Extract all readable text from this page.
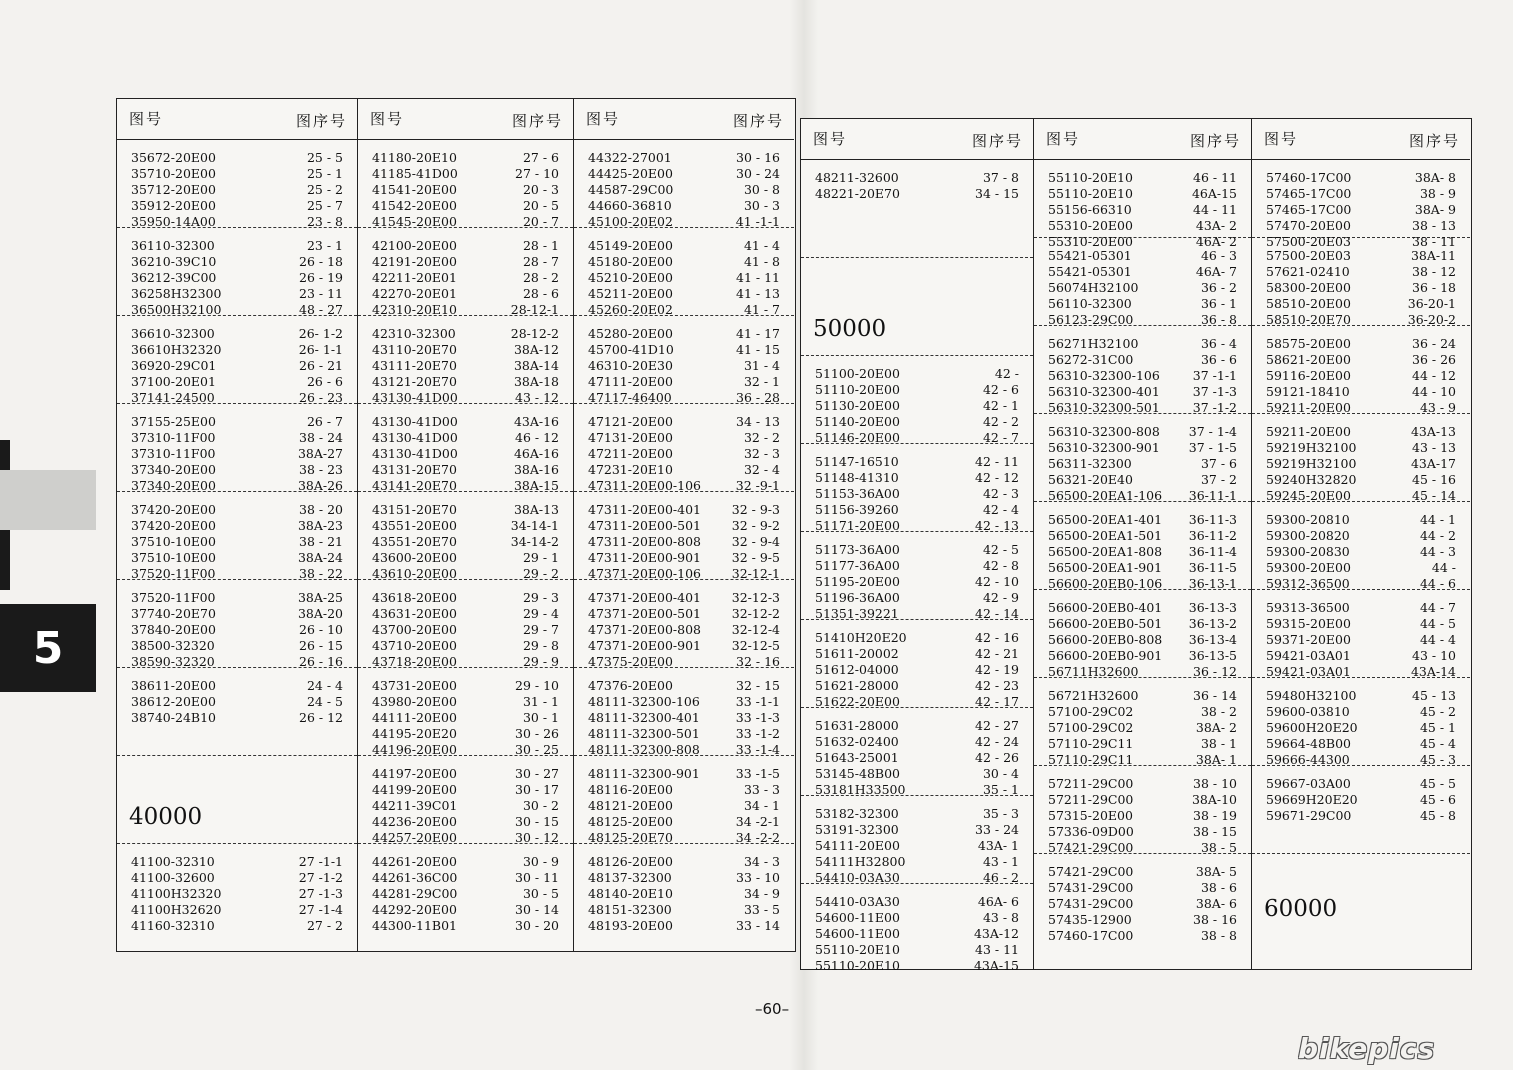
5
图号	图序号
35672-20E00	25 - 5
35710-20E00	25 - 1
35712-20E00	25 - 2
35912-20E00	25 - 7
35950-14A00	23 - 8
36110-32300	23 - 1
36210-39C10	26 - 18
36212-39C00	26 - 19
36258H32300	23 - 11
36500H32100	48 - 27
36610-32300	26- 1-2
36610H32320	26- 1-1
36920-29C01	26 - 21
37100-20E01	26 - 6
37141-24500	26 - 23
37155-25E00	26 - 7
37310-11F00	38 - 24
37310-11F00	38A-27
37340-20E00	38 - 23
37340-20E00	38A-26
37420-20E00	38 - 20
37420-20E00	38A-23
37510-10E00	38 - 21
37510-10E00	38A-24
37520-11F00	38 - 22
37520-11F00	38A-25
37740-20E70	38A-20
37840-20E00	26 - 10
38500-32320	26 - 15
38590-32320	26 - 16
38611-20E00	24 - 4
38612-20E00	24 - 5
38740-24B10	26 - 12
40000
41100-32310	27 -1-1
41100-32600	27 -1-2
41100H32320	27 -1-3
41100H32620	27 -1-4
41160-32310	27 - 2
图号	图序号
41180-20E10	27 - 6
41185-41D00	27 - 10
41541-20E00	20 - 3
41542-20E00	20 - 5
41545-20E00	20 - 7
42100-20E00	28 - 1
42191-20E00	28 - 7
42211-20E01	28 - 2
42270-20E01	28 - 6
42310-20E10	28-12-1
42310-32300	28-12-2
43110-20E70	38A-12
43111-20E70	38A-14
43121-20E70	38A-18
43130-41D00	43 - 12
43130-41D00	43A-16
43130-41D00	46 - 12
43130-41D00	46A-16
43131-20E70	38A-16
43141-20E70	38A-15
43151-20E70	38A-13
43551-20E00	34-14-1
43551-20E70	34-14-2
43600-20E00	29 - 1
43610-20E00	29 - 2
43618-20E00	29 - 3
43631-20E00	29 - 4
43700-20E00	29 - 7
43710-20E00	29 - 8
43718-20E00	29 - 9
43731-20E00	29 - 10
43980-20E00	31 - 1
44111-20E00	30 - 1
44195-20E20	30 - 26
44196-20E00	30 - 25
44197-20E00	30 - 27
44199-20E00	30 - 17
44211-39C01	30 - 2
44236-20E00	30 - 15
44257-20E00	30 - 12
44261-20E00	30 - 9
44261-36C00	30 - 11
44281-29C00	30 - 5
44292-20E00	30 - 14
44300-11B01	30 - 20
图号	图序号
44322-27001	30 - 16
44425-20E00	30 - 24
44587-29C00	30 - 8
44660-36810	30 - 3
45100-20E02	41 -1-1
45149-20E00	41 - 4
45180-20E00	41 - 8
45210-20E00	41 - 11
45211-20E00	41 - 13
45260-20E02	41 - 7
45280-20E00	41 - 17
45700-41D10	41 - 15
46310-20E30	31 - 4
47111-20E00	32 - 1
47117-46400	36 - 28
47121-20E00	34 - 13
47131-20E00	32 - 2
47211-20E00	32 - 3
47231-20E10	32 - 4
47311-20E00-106	32 -9-1
47311-20E00-401 32 - 9-3
47311-20E00-501 32 - 9-2
47311-20E00-808 32 - 9-4
47311-20E00-901 32 - 9-5
47371-20E00-106 32-12-1
47371-20E00-401 32-12-3
47371-20E00-501 32-12-2
47371-20E00-808 32-12-4
47371-20E00-901 32-12-5
47375-20E00	32 - 16
47376-20E00	32 - 15
48111-32300-106	33 -1-1
48111-32300-401	33 -1-3
48111-32300-501	33 -1-2
48111-32300-808	33 -1-4
48111-32300-901	33 -1-5
48116-20E00	33 - 3
48121-20E00	34 - 1
48125-20E00	34 -2-1
48125-20E70	34 -2-2
48126-20E00	34 - 3
48137-32300	33 - 10
48140-20E10	34 - 9
48151-32300	33 - 5
48193-20E00	33 - 14
图号	图序号
48211-32600	37 - 8
48221-20E70	34 - 15
50000
51100-20E00	42 -
51110-20E00	42 - 6
51130-20E00	42 - 1
51140-20E00	42 - 2
51146-20E00	42 - 7
51147-16510	42 - 11
51148-41310	42 - 12
51153-36A00	42 - 3
51156-39260	42 - 4
51171-20E00	42 - 13
51173-36A00	42 - 5
51177-36A00	42 - 8
51195-20E00	42 - 10
51196-36A00	42 - 9
51351-39221	42 - 14
51410H20E20	42 - 16
51611-20002	42 - 21
51612-04000	42 - 19
51621-28000	42 - 23
51622-20E00	42 - 17
51631-28000	42 - 27
51632-02400	42 - 24
51643-25001	42 - 26
53145-48B00	30 - 4
53181H33500	35 - 1
53182-32300	35 - 3
53191-32300	33 - 24
54111-20E00	43A- 1
54111H32800	43 - 1
54410-03A30	46 - 2
54410-03A30	46A- 6
54600-11E00	43 - 8
54600-11E00	43A-12
55110-20E10	43 - 11
55110-20E10	43A-15
图号	图序号
55110-20E10	46 - 11
55110-20E10	46A-15
55156-66310	44 - 11
55310-20E00	43A- 2
55310-20E00	46A- 2
55421-05301	46 - 3
55421-05301	46A- 7
56074H32100	36 - 2
56110-32300	36 - 1
56123-29C00	36 - 8
56271H32100	36 - 4
56272-31C00	36 - 6
56310-32300-106	37 -1-1
56310-32300-401	37 -1-3
56310-32300-501	37 -1-2
56310-32300-808 37 - 1-4
56310-32300-901 37 - 1-5
56311-32300	37 - 6
56321-20E40	37 - 2
56500-20EA1-106 36-11-1
56500-20EA1-401 36-11-3
56500-20EA1-501 36-11-2
56500-20EA1-808 36-11-4
56500-20EA1-901 36-11-5
56600-20EB0-106 36-13-1
56600-20EB0-401 36-13-3
56600-20EB0-501 36-13-2
56600-20EB0-808 36-13-4
56600-20EB0-901 36-13-5
56711H32600	36 - 12
56721H32600	36 - 14
57100-29C02	38 - 2
57100-29C02	38A- 2
57110-29C11	38 - 1
57110-29C11	38A- 1
57211-29C00	38 - 10
57211-29C00	38A-10
57315-20E00	38 - 19
57336-09D00	38 - 15
57421-29C00	38 - 5
57421-29C00	38A- 5
57431-29C00	38 - 6
57431-29C00	38A- 6
57435-12900	38 - 16
57460-17C00	38 - 8
图号	图序号
57460-17C00	38A- 8
57465-17C00	38 - 9
57465-17C00	38A- 9
57470-20E00	38 - 13
57500-20E03	38 - 11
57500-20E03	38A-11
57621-02410	38 - 12
58300-20E00	36 - 18
58510-20E00	36-20-1
58510-20E70	36-20-2
58575-20E00	36 - 24
58621-20E00	36 - 26
59116-20E00	44 - 12
59121-18410	44 - 10
59211-20E00	43 - 9
59211-20E00	43A-13
59219H32100	43 - 13
59219H32100	43A-17
59240H32820	45 - 16
59245-20E00	45 - 14
59300-20810	44 - 1
59300-20820	44 - 2
59300-20830	44 - 3
59300-20E00	44 -
59312-36500	44 - 6
59313-36500	44 - 7
59315-20E00	44 - 5
59371-20E00	44 - 4
59421-03A01	43 - 10
59421-03A01	43A-14
59480H32100	45 - 13
59600-03810	45 - 2
59600H20E20	45 - 1
59664-48B00	45 - 4
59666-44300	45 - 3
59667-03A00	45 - 5
59669H20E20	45 - 6
59671-29C00	45 - 8
60000
–60–
bikepics
